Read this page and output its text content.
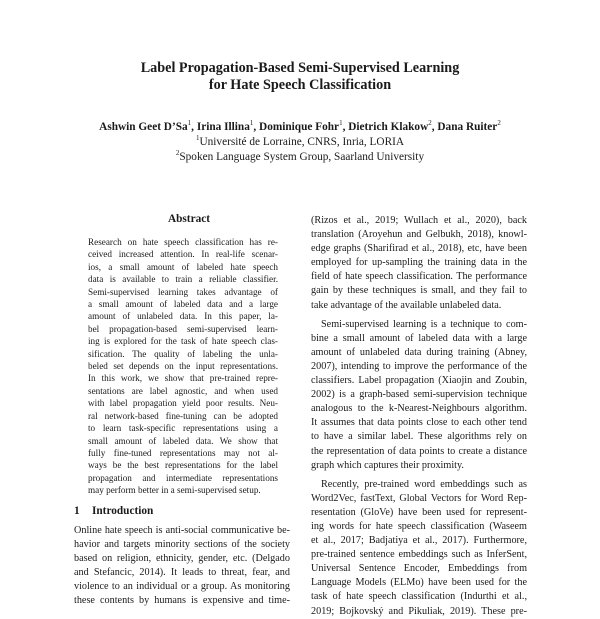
Label Propagation-Based Semi-Supervised Learning
for Hate Speech Classification
Ashwin Geet D’Sa$^1$, Irina Illina$^1$, Dominique Fohr$^1$, Dietrich Klakow$^2$, Dana Ruiter$^2$
$^1$Université de Lorraine, CNRS, Inria, LORIA
$^2$Spoken Language System Group, Saarland University
Abstract
Research on hate speech classification has re-
ceived increased attention. In real-life scenar-
ios, a small amount of labeled hate speech
data is available to train a reliable classifier.
Semi-supervised learning takes advantage of
a small amount of labeled data and a large
amount of unlabeled data. In this paper, la-
bel propagation-based semi-supervised learn-
ing is explored for the task of hate speech clas-
sification. The quality of labeling the unla-
beled set depends on the input representations.
In this work, we show that pre-trained repre-
sentations are label agnostic, and when used
with label propagation yield poor results. Neu-
ral network-based fine-tuning can be adopted
to learn task-specific representations using a
small amount of labeled data. We show that
fully fine-tuned representations may not al-
ways be the best representations for the label
propagation and intermediate representations
may perform better in a semi-supervised setup.
1 Introduction
Online hate speech is anti-social communicative be-
havior and targets minority sections of the society
based on religion, ethnicity, gender, etc. (Delgado
and Stefancic, 2014). It leads to threat, fear, and
violence to an individual or a group. As monitoring
these contents by humans is expensive and time-
(Rizos et al., 2019; Wullach et al., 2020), back
translation (Aroyehun and Gelbukh, 2018), knowl-
edge graphs (Sharifirad et al., 2018), etc, have been
employed for up-sampling the training data in the
field of hate speech classification. The performance
gain by these techniques is small, and they fail to
take advantage of the available unlabeled data.
Semi-supervised learning is a technique to com-
bine a small amount of labeled data with a large
amount of unlabeled data during training (Abney,
2007), intending to improve the performance of the
classifiers. Label propagation (Xiaojin and Zoubin,
2002) is a graph-based semi-supervision technique
analogous to the k-Nearest-Neighbours algorithm.
It assumes that data points close to each other tend
to have a similar label. These algorithms rely on
the representation of data points to create a distance
graph which captures their proximity.
Recently, pre-trained word embeddings such as
Word2Vec, fastText, Global Vectors for Word Rep-
resentation (GloVe) have been used for represent-
ing words for hate speech classification (Waseem
et al., 2017; Badjatiya et al., 2017). Furthermore,
pre-trained sentence embeddings such as InferSent,
Universal Sentence Encoder, Embeddings from
Language Models (ELMo) have been used for the
task of hate speech classification (Indurthi et al.,
2019; Bojkovský and Pikuliak, 2019). These pre-
